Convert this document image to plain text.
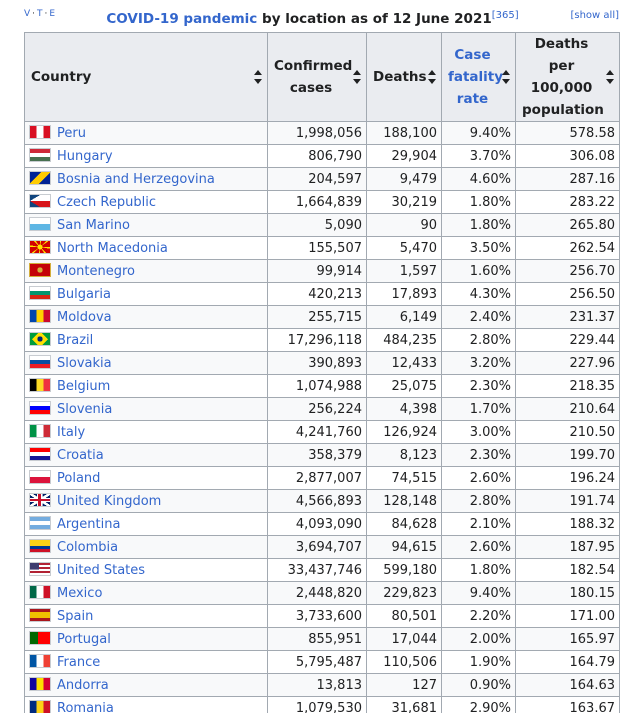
V·T·E	COVID-19 pandemic by location as of 12 June 2021[365]	[show all]
Country	Confirmed cases	Deaths	Case fatality rate	Deaths per 100,000 population

Peru	1,998,056	188,100	9.40%	578.58
Hungary	806,790	29,904	3.70%	306.08
Bosnia and Herzegovina	204,597	9,479	4.60%	287.16
Czech Republic	1,664,839	30,219	1.80%	283.22
San Marino	5,090	90	1.80%	265.80
North Macedonia	155,507	5,470	3.50%	262.54
Montenegro	99,914	1,597	1.60%	256.70
Bulgaria	420,213	17,893	4.30%	256.50
Moldova	255,715	6,149	2.40%	231.37
Brazil	17,296,118	484,235	2.80%	229.44
Slovakia	390,893	12,433	3.20%	227.96
Belgium	1,074,988	25,075	2.30%	218.35
Slovenia	256,224	4,398	1.70%	210.64
Italy	4,241,760	126,924	3.00%	210.50
Croatia	358,379	8,123	2.30%	199.70
Poland	2,877,007	74,515	2.60%	196.24
United Kingdom	4,566,893	128,148	2.80%	191.74
Argentina	4,093,090	84,628	2.10%	188.32
Colombia	3,694,707	94,615	2.60%	187.95
United States	33,437,746	599,180	1.80%	182.54
Mexico	2,448,820	229,823	9.40%	180.15
Spain	3,733,600	80,501	2.20%	171.00
Portugal	855,951	17,044	2.00%	165.97
France	5,795,487	110,506	1.90%	164.79
Andorra	13,813	127	0.90%	164.63
Romania	1,079,530	31,681	2.90%	163.67
